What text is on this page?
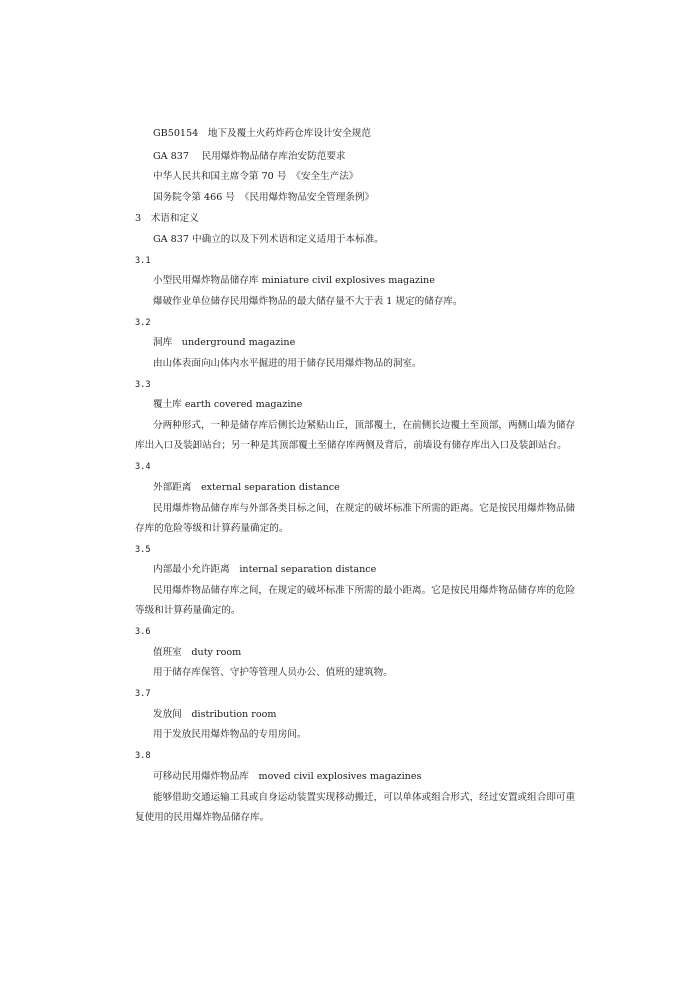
GB50154　地下及覆土火药炸药仓库设计安全规范
GA 837　 民用爆炸物品储存库治安防范要求
中华人民共和国主席令第 70 号　《安全生产法》
国务院令第 466 号　《民用爆炸物品安全管理条例》
3　术语和定义
GA 837 中确立的以及下列术语和定义适用于本标准。
3.1
小型民用爆炸物品储存库 miniature civil explosives magazine
爆破作业单位储存民用爆炸物品的最大储存量不大于表 1 规定的储存库。
3.2
洞库　underground magazine
由山体表面向山体内水平掘进的用于储存民用爆炸物品的洞室。
3.3
覆土库 earth covered magazine
分两种形式，一种是储存库后侧长边紧贴山丘，顶部覆土，在前侧长边覆土至顶部，两侧山墙为储存
库出入口及装卸站台；另一种是其顶部覆土至储存库两侧及背后，前墙设有储存库出入口及装卸站台。
3.4
外部距离　external separation distance
民用爆炸物品储存库与外部各类目标之间，在规定的破坏标准下所需的距离。它是按民用爆炸物品储
存库的危险等级和计算药量确定的。
3.5
内部最小允许距离　internal separation distance
民用爆炸物品储存库之间，在规定的破坏标准下所需的最小距离。它是按民用爆炸物品储存库的危险
等级和计算药量确定的。
3.6
值班室　duty room
用于储存库保管、守护等管理人员办公、值班的建筑物。
3.7
发放间　distribution room
用于发放民用爆炸物品的专用房间。
3.8
可移动民用爆炸物品库　moved civil explosives magazines
能够借助交通运输工具或自身运动装置实现移动搬迁，可以单体或组合形式，经过安置或组合即可重
复使用的民用爆炸物品储存库。
